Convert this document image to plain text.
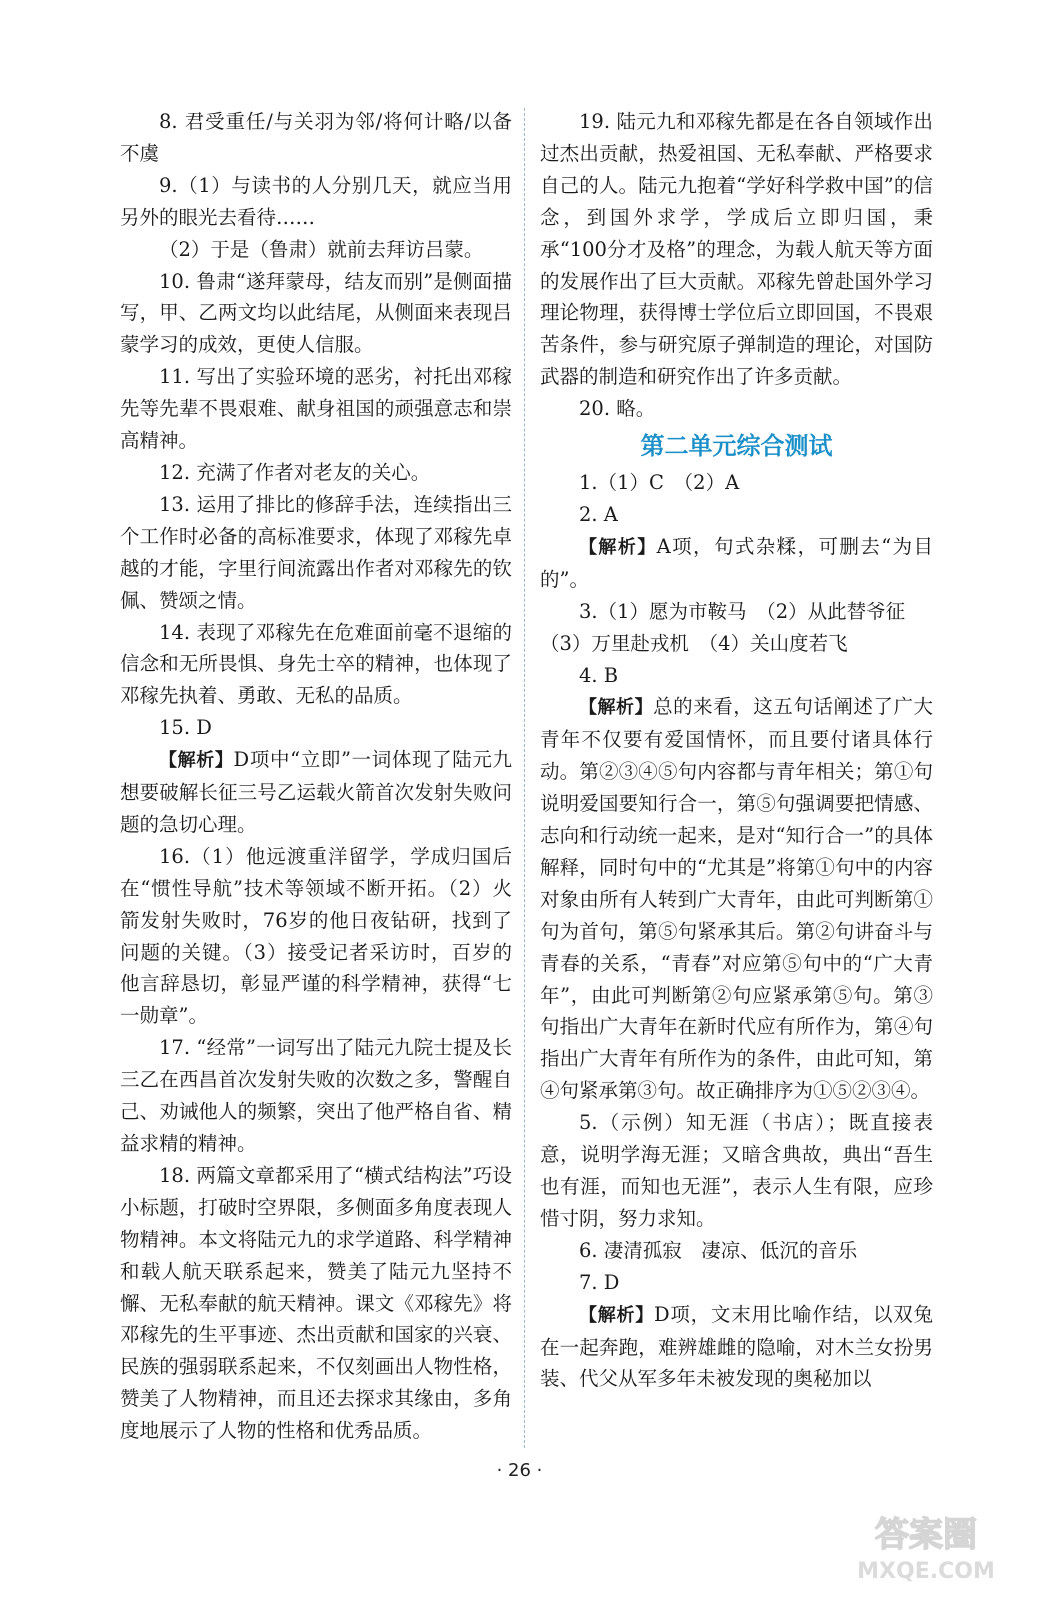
8. 君受重任/与关羽为邻/将何计略/以备不虞

9.（1）与读书的人分别几天，就应当用另外的眼光去看待……

（2）于是（鲁肃）就前去拜访吕蒙。

10. 鲁肃“遂拜蒙母，结友而别”是侧面描写，甲、乙两文均以此结尾，从侧面来表现吕蒙学习的成效，更使人信服。

11. 写出了实验环境的恶劣，衬托出邓稼先等先辈不畏艰难、献身祖国的顽强意志和崇高精神。

12. 充满了作者对老友的关心。

13. 运用了排比的修辞手法，连续指出三个工作时必备的高标准要求，体现了邓稼先卓越的才能，字里行间流露出作者对邓稼先的钦佩、赞颂之情。

14. 表现了邓稼先在危难面前毫不退缩的信念和无所畏惧、身先士卒的精神，也体现了邓稼先执着、勇敢、无私的品质。

15. D

【解析】D项中“立即”一词体现了陆元九想要破解长征三号乙运载火箭首次发射失败问题的急切心理。

16.（1）他远渡重洋留学，学成归国后在“惯性导航”技术等领域不断开拓。（2）火箭发射失败时，76岁的他日夜钻研，找到了问题的关键。（3）接受记者采访时，百岁的他言辞恳切，彰显严谨的科学精神，获得“七一勋章”。

17. “经常”一词写出了陆元九院士提及长三乙在西昌首次发射失败的次数之多，警醒自己、劝诫他人的频繁，突出了他严格自省、精益求精的精神。

18. 两篇文章都采用了“横式结构法”巧设小标题，打破时空界限，多侧面多角度表现人物精神。本文将陆元九的求学道路、科学精神和载人航天联系起来，赞美了陆元九坚持不懈、无私奉献的航天精神。课文《邓稼先》将邓稼先的生平事迹、杰出贡献和国家的兴衰、民族的强弱联系起来，不仅刻画出人物性格，赞美了人物精神，而且还去探求其缘由，多角度地展示了人物的性格和优秀品质。

19. 陆元九和邓稼先都是在各自领域作出过杰出贡献，热爱祖国、无私奉献、严格要求自己的人。陆元九抱着“学好科学救中国”的信念，到国外求学，学成后立即归国，秉承“100分才及格”的理念，为载人航天等方面的发展作出了巨大贡献。邓稼先曾赴国外学习理论物理，获得博士学位后立即回国，不畏艰苦条件，参与研究原子弹制造的理论，对国防武器的制造和研究作出了许多贡献。

20. 略。

第二单元综合测试

1.（1）C　（2）A

2. A

【解析】A项，句式杂糅，可删去“为目的”。

3.（1）愿为市鞍马　（2）从此替爷征

（3）万里赴戎机　（4）关山度若飞

4. B

【解析】总的来看，这五句话阐述了广大青年不仅要有爱国情怀，而且要付诸具体行动。第②③④⑤句内容都与青年相关；第①句说明爱国要知行合一，第⑤句强调要把情感、志向和行动统一起来，是对“知行合一”的具体解释，同时句中的“尤其是”将第①句中的内容对象由所有人转到广大青年，由此可判断第①句为首句，第⑤句紧承其后。第②句讲奋斗与青春的关系，“青春”对应第⑤句中的“广大青年”，由此可判断第②句应紧承第⑤句。第③句指出广大青年在新时代应有所作为，第④句指出广大青年有所作为的条件，由此可知，第④句紧承第③句。故正确排序为①⑤②③④。

5.（示例）知无涯（书店）；既直接表意，说明学海无涯；又暗含典故，典出“吾生也有涯，而知也无涯”，表示人生有限，应珍惜寸阴，努力求知。

6. 凄清孤寂　凄凉、低沉的音乐

7. D

【解析】D项，文末用比喻作结，以双兔在一起奔跑，难辨雄雌的隐喻，对木兰女扮男装、代父从军多年未被发现的奥秘加以

· 26 ·
答案圈
MXQE.COM
